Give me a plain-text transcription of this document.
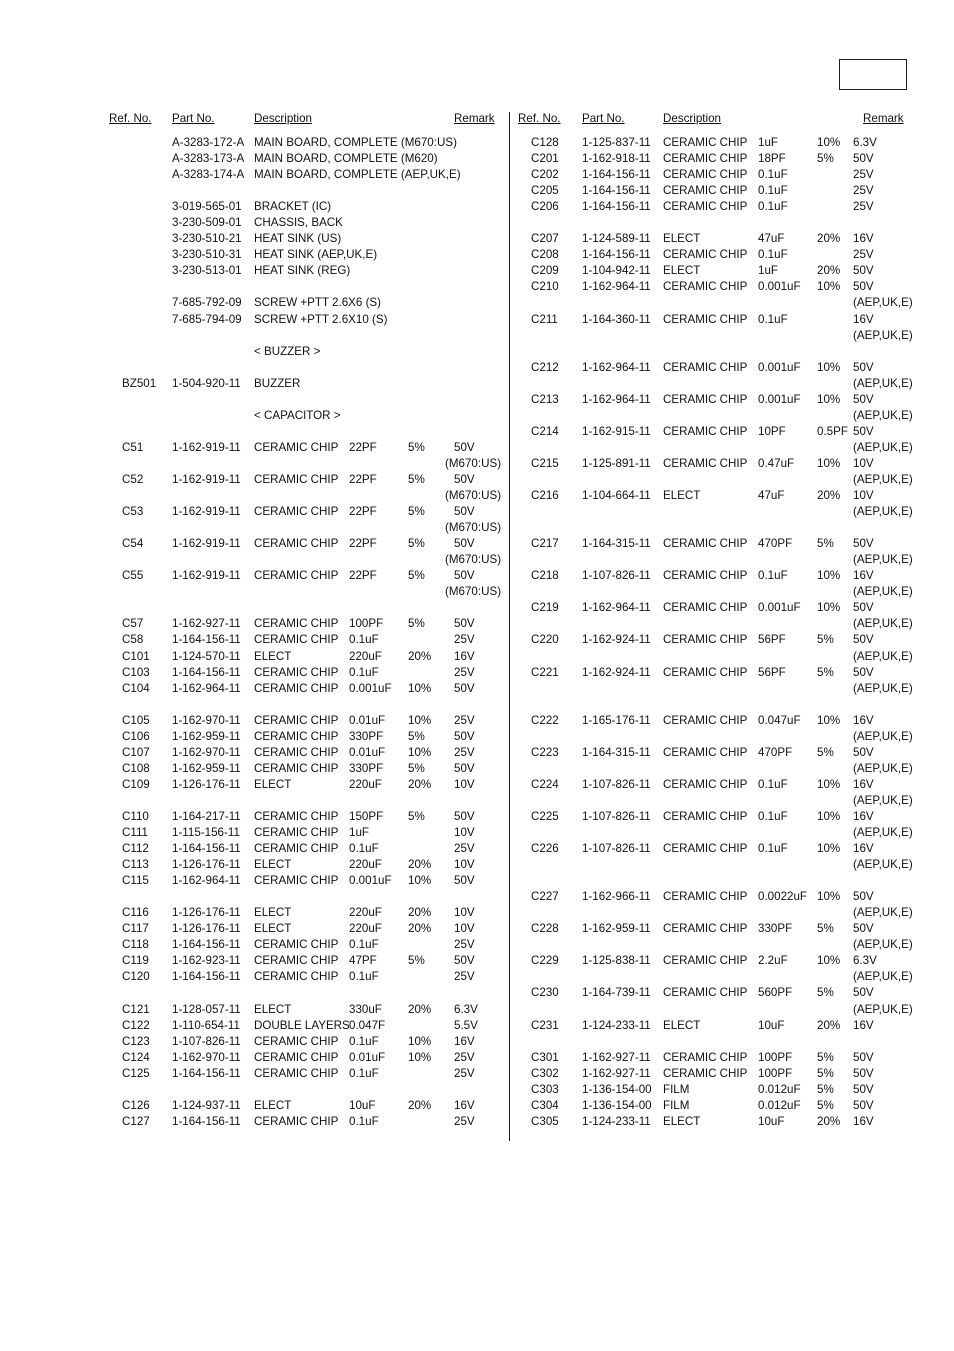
Ref. No. Part No.	Description	Remark
A-3283-172-A MAIN BOARD, COMPLETE (M670:US)
A-3283-173-A MAIN BOARD, COMPLETE (M620)
A-3283-174-A MAIN BOARD, COMPLETE (AEP,UK,E)
3-019-565-01 BRACKET (IC)
3-230-509-01 CHASSIS, BACK
3-230-510-21 HEAT SINK (US)
3-230-510-31 HEAT SINK (AEP,UK,E)
3-230-513-01 HEAT SINK (REG)
7-685-792-09 SCREW +PTT 2.6X6 (S)
7-685-794-09 SCREW +PTT 2.6X10 (S)
< BUZZER >
BZ501 1-504-920-11 BUZZER
< CAPACITOR >
C51 1-162-919-11 CERAMIC CHIP 22PF	5%	50V
(M670:US)
C52 1-162-919-11 CERAMIC CHIP 22PF	5%	50V
(M670:US)
C53 1-162-919-11 CERAMIC CHIP 22PF	5%	50V
(M670:US)
C54 1-162-919-11 CERAMIC CHIP 22PF	5%	50V
(M670:US)
C55 1-162-919-11 CERAMIC CHIP 22PF	5%	50V
(M670:US)
C57 1-162-927-11 CERAMIC CHIP 100PF 5%	50V
C58 1-164-156-11 CERAMIC CHIP 0.1uF	25V
C101 1-124-570-11 ELECT	220uF 20% 16V
C103 1-164-156-11 CERAMIC CHIP 0.1uF	25V
C104 1-162-964-11 CERAMIC CHIP 0.001uF 10% 50V
C105 1-162-970-11 CERAMIC CHIP 0.01uF 10% 25V
C106 1-162-959-11 CERAMIC CHIP 330PF 5%	50V
C107 1-162-970-11 CERAMIC CHIP 0.01uF 10% 25V
C108 1-162-959-11 CERAMIC CHIP 330PF 5%	50V
C109 1-126-176-11 ELECT	220uF 20% 10V
C110 1-164-217-11 CERAMIC CHIP 150PF 5%	50V
C111 1-115-156-11 CERAMIC CHIP 1uF	10V
C112 1-164-156-11 CERAMIC CHIP 0.1uF	25V
C113 1-126-176-11 ELECT	220uF 20% 10V
C115 1-162-964-11 CERAMIC CHIP 0.001uF 10% 50V
C116 1-126-176-11 ELECT	220uF 20% 10V
C117 1-126-176-11 ELECT	220uF 20% 10V
C118 1-164-156-11 CERAMIC CHIP 0.1uF	25V
C119 1-162-923-11 CERAMIC CHIP 47PF	5%	50V
C120 1-164-156-11 CERAMIC CHIP 0.1uF	25V
C121 1-128-057-11 ELECT	330uF 20% 6.3V
C122 1-110-654-11 DOUBLE LAYERS 0.047F	5.5V
C123 1-107-826-11 CERAMIC CHIP 0.1uF	10% 16V
C124 1-162-970-11 CERAMIC CHIP 0.01uF 10% 25V
C125 1-164-156-11 CERAMIC CHIP 0.1uF	25V
C126 1-124-937-11 ELECT	10uF	20% 16V
C127 1-164-156-11 CERAMIC CHIP 0.1uF	25V
Ref. No. Part No.	Description	Remark
C128 1-125-837-11 CERAMIC CHIP 1uF	10% 6.3V
C201 1-162-918-11 CERAMIC CHIP 18PF	5% 50V
C202 1-164-156-11 CERAMIC CHIP 0.1uF	25V
C205 1-164-156-11 CERAMIC CHIP 0.1uF	25V
C206 1-164-156-11 CERAMIC CHIP 0.1uF	25V
C207 1-124-589-11 ELECT	47uF	20% 16V
C208 1-164-156-11 CERAMIC CHIP 0.1uF	25V
C209 1-104-942-11 ELECT	1uF	20% 50V
C210 1-162-964-11 CERAMIC CHIP 0.001uF 10% 50V
(AEP,UK,E)
C211 1-164-360-11 CERAMIC CHIP 0.1uF	16V
(AEP,UK,E)
C212 1-162-964-11 CERAMIC CHIP 0.001uF 10% 50V
(AEP,UK,E)
C213 1-162-964-11 CERAMIC CHIP 0.001uF 10% 50V
(AEP,UK,E)
C214 1-162-915-11 CERAMIC CHIP 10PF	0.5PF 50V
(AEP,UK,E)
C215 1-125-891-11 CERAMIC CHIP 0.47uF 10% 10V
(AEP,UK,E)
C216 1-104-664-11 ELECT	47uF	20% 10V
(AEP,UK,E)
C217 1-164-315-11 CERAMIC CHIP 470PF 5% 50V
(AEP,UK,E)
C218 1-107-826-11 CERAMIC CHIP 0.1uF	10% 16V
(AEP,UK,E)
C219 1-162-964-11 CERAMIC CHIP 0.001uF 10% 50V
(AEP,UK,E)
C220 1-162-924-11 CERAMIC CHIP 56PF	5% 50V
(AEP,UK,E)
C221 1-162-924-11 CERAMIC CHIP 56PF	5% 50V
(AEP,UK,E)
C222 1-165-176-11 CERAMIC CHIP 0.047uF 10% 16V
(AEP,UK,E)
C223 1-164-315-11 CERAMIC CHIP 470PF 5% 50V
(AEP,UK,E)
C224 1-107-826-11 CERAMIC CHIP 0.1uF	10% 16V
(AEP,UK,E)
C225 1-107-826-11 CERAMIC CHIP 0.1uF	10% 16V
(AEP,UK,E)
C226 1-107-826-11 CERAMIC CHIP 0.1uF	10% 16V
(AEP,UK,E)
C227 1-162-966-11 CERAMIC CHIP 0.0022uF 10% 50V
(AEP,UK,E)
C228 1-162-959-11 CERAMIC CHIP 330PF 5% 50V
(AEP,UK,E)
C229 1-125-838-11 CERAMIC CHIP 2.2uF	10% 6.3V
(AEP,UK,E)
C230 1-164-739-11 CERAMIC CHIP 560PF 5% 50V
(AEP,UK,E)
C231 1-124-233-11 ELECT	10uF	20% 16V
C301 1-162-927-11 CERAMIC CHIP 100PF 5% 50V
C302 1-162-927-11 CERAMIC CHIP 100PF 5% 50V
C303 1-136-154-00 FILM	0.012uF 5% 50V
C304 1-136-154-00 FILM	0.012uF 5% 50V
C305 1-124-233-11 ELECT	10uF	20% 16V
